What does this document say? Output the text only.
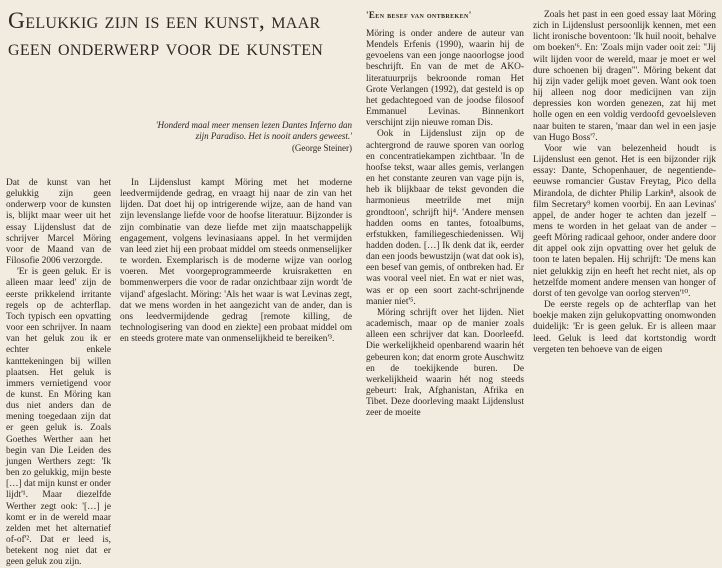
Gelukkig zijn is een kunst, maar geen onderwerp voor de kunsten
'Honderd maal meer mensen lezen Dantes Inferno dan zijn Paradiso. Het is nooit anders geweest.'
(George Steiner)

Dat de kunst van het gelukkig zijn geen onderwerp voor de kunsten is, blijkt maar weer uit het essay Lijdenslust dat de schrijver Marcel Möring voor de Maand van de Filosofie 2006 verzorgde.

'Er is geen geluk. Er is alleen maar leed' zijn de eerste prikkelend irritante regels op de achterflap. Toch typisch een opvatting voor een schrijver. In naam van het geluk zou ik er echter enkele kanttekeningen bij willen plaatsen. Het geluk is immers vernietigend voor de kunst. En Möring kan dus niet anders dan de mening toegedaan zijn dat er geen geluk is. Zoals Goethes Werther aan het begin van Die Leiden des jungen Werthers zegt: 'Ik ben zo gelukkig, mijn beste […] dat mijn kunst er onder lijdt'¹. Maar diezelfde Werther zegt ook: '[…] je komt er in de wereld maar zelden met het alternatief of-of'². Dat er leed is, betekent nog niet dat er geen geluk zou zijn.

In Lijdenslust kampt Möring met het moderne leedvermijdende gedrag, en vraagt hij naar de zin van het lijden. Dat doet hij op intrigerende wijze, aan de hand van zijn levenslange liefde voor de hoofse literatuur. Bijzonder is zijn combinatie van deze liefde met zijn maatschappelijk engagement, volgens levinasiaans appel. In het vermijden van leed ziet hij een probaat middel om steeds onmenselijker te worden. Exemplarisch is de moderne wijze van oorlog voeren. Met voorgeprogrammeerde kruisraketten en bommenwerpers die voor de radar onzichtbaar zijn wordt 'de vijand' afgeslacht. Möring: 'Als het waar is wat Levinas zegt, dat we mens worden in het aangezicht van de ander, dan is ons leedvermijdende gedrag [remote killing, de technologisering van dood en ziekte] een probaat middel om en steeds grotere mate van onmenselijkheid te bereiken'³.

'Een besef van ontbreken'

Möring is onder andere de auteur van Mendels Erfenis (1990), waarin hij de gevoelens van een jonge naoorlogse jood beschrijft. En van de met de AKO-literatuurprijs bekroonde roman Het Grote Verlangen (1992), dat gesteld is op het gedachtegoed van de joodse filosoof Emmanuel Levinas. Binnenkort verschijnt zijn nieuwe roman Dis.

Ook in Lijdenslust zijn op de achtergrond de rauwe sporen van oorlog en concentratiekampen zichtbaar. 'In de hoofse tekst, waar alles gemis, verlangen en het constante zeuren van vage pijn is, heb ik blijkbaar de tekst gevonden die harmonieus meetrilde met mijn grondtoon', schrijft hij⁴. 'Andere mensen hadden ooms en tantes, fotoalbums, erfstukken, familiegeschiedenissen. Wij hadden doden. […] Ik denk dat ik, eerder dan een joods bewustzijn (wat dat ook is), een besef van gemis, of ontbreken had. Er was vooral veel niet. En wat er niet was, was er op een soort zacht-schrijnende manier niet'⁵.

Möring schrijft over het lijden. Niet academisch, maar op de manier zoals alleen een schrijver dat kan. Doorleefd. Die werkelijkheid openbarend waarin hét gebeuren kon; dat enorm grote Auschwitz en de toekijkende buren. De werkelijkheid waarin hét nog steeds gebeurt: Irak, Afghanistan, Afrika en Tibet. Deze doorleving maakt Lijdenslust zeer de moeite

Zoals het past in een goed essay laat Möring zich in Lijdenslust persoonlijk kennen, met een licht ironische boventoon: 'Ik huil nooit, behalve om boeken'⁶. En: 'Zoals mijn vader ooit zei: "Jij wilt lijden voor de wereld, maar je moet er wel dure schoenen bij dragen"'. Möring bekent dat hij zijn vader gelijk moet geven. Want ook toen hij alleen nog door medicijnen van zijn depressies kon worden genezen, zat hij met holle ogen en een voldig verdoofd gevoelsleven naar buiten te staren, 'maar dan wel in een jasje van Hugo Boss'⁷.

Voor wie van belezenheid houdt is Lijdenslust een genot. Het is een bijzonder rijk essay: Dante, Schopenhauer, de negentiende-eeuwse romancier Gustav Freytag, Pico della Mirandola, de dichter Philip Larkin⁸, alsook de film Secretary⁹ komen voorbij. En aan Levinas' appel, de ander hoger te achten dan jezelf – mens te worden in het gelaat van de ander – geeft Möring radicaal gehoor, onder andere door dit appel ook zijn opvatting over het geluk de toon te laten bepalen. Hij schrijft: 'De mens kan niet gelukkig zijn en heeft het recht niet, als op hetzelfde moment andere mensen van honger of dorst of ten gevolge van oorlog sterven'¹⁰.

De eerste regels op de achterflap van het boekje maken zijn gelukopvatting onomwonden duidelijk: 'Er is geen geluk. Er is alleen maar leed. Geluk is leed dat kortstondig wordt vergeten ten behoeve van de eigen
